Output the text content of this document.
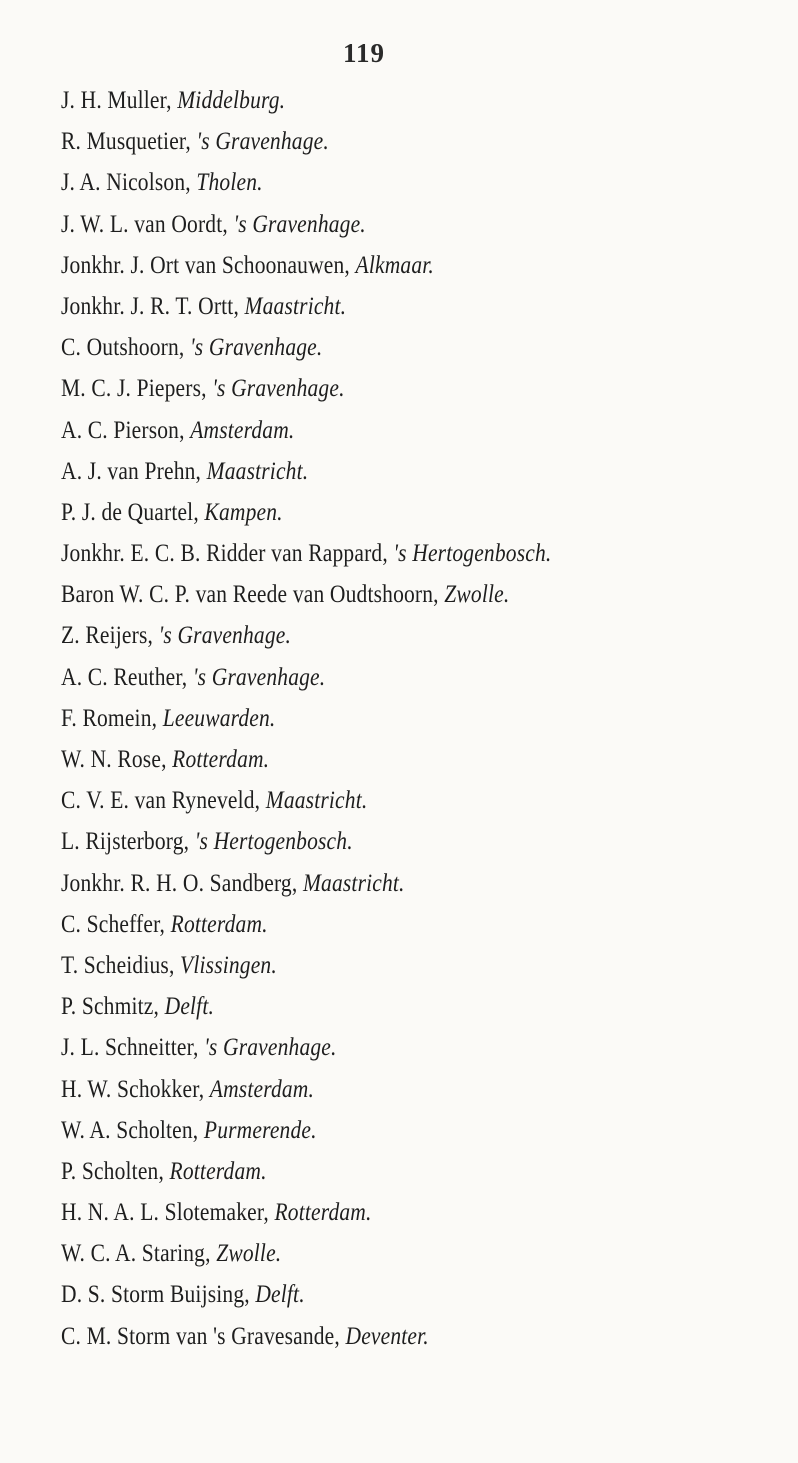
119
J. H. Muller, Middelburg.
R. Musquetier, 's Gravenhage.
J. A. Nicolson, Tholen.
J. W. L. van Oordt, 's Gravenhage.
Jonkhr. J. Ort van Schoonauwen, Alkmaar.
Jonkhr. J. R. T. Ortt, Maastricht.
C. Outshoorn, 's Gravenhage.
M. C. J. Piepers, 's Gravenhage.
A. C. Pierson, Amsterdam.
A. J. van Prehn, Maastricht.
P. J. de Quartel, Kampen.
Jonkhr. E. C. B. Ridder van Rappard, 's Hertogenbosch.
Baron W. C. P. van Reede van Oudtshoorn, Zwolle.
Z. Reijers, 's Gravenhage.
A. C. Reuther, 's Gravenhage.
F. Romein, Leeuwarden.
W. N. Rose, Rotterdam.
C. V. E. van Ryneveld, Maastricht.
L. Rijsterborg, 's Hertogenbosch.
Jonkhr. R. H. O. Sandberg, Maastricht.
C. Scheffer, Rotterdam.
T. Scheidius, Vlissingen.
P. Schmitz, Delft.
J. L. Schneitter, 's Gravenhage.
H. W. Schokker, Amsterdam.
W. A. Scholten, Purmerende.
P. Scholten, Rotterdam.
H. N. A. L. Slotemaker, Rotterdam.
W. C. A. Staring, Zwolle.
D. S. Storm Buijsing, Delft.
C. M. Storm van 's Gravesande, Deventer.
